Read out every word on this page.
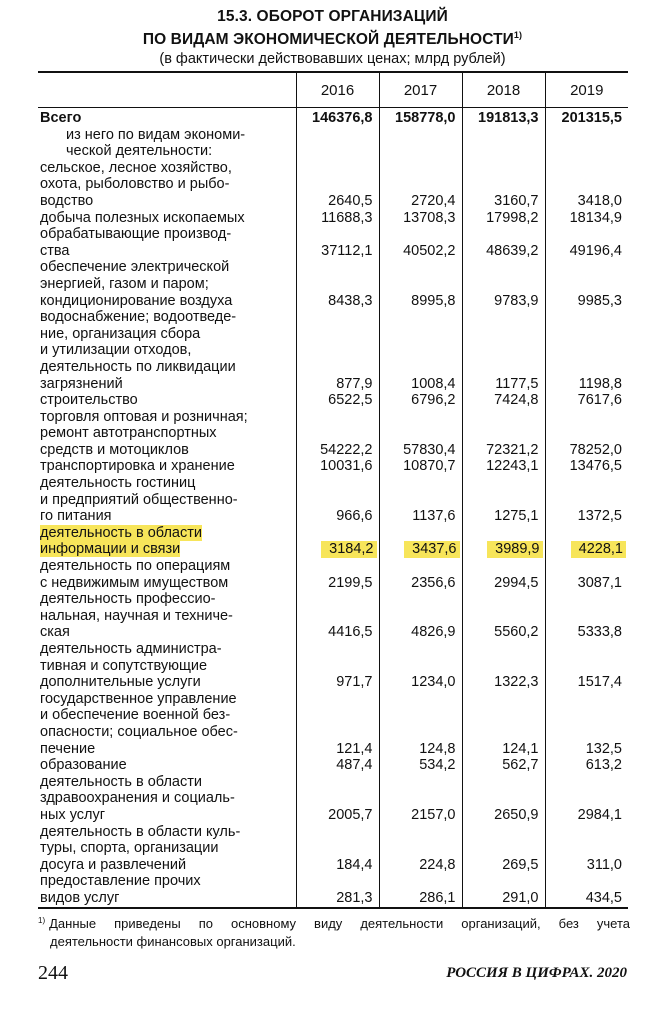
15.3. ОБОРОТ ОРГАНИЗАЦИЙ
ПО ВИДАМ ЭКОНОМИЧЕСКОЙ ДЕЯТЕЛЬНОСТИ$^{1)}$
(в фактически действовавших ценах; млрд рублей)
	2016	2017	2018	2019

Всего	146376,8	158778,0	191813,3	201315,5

из него по видам экономи-
ческой деятельности:				

сельское, лесное хозяйство,
охота, рыболовство и рыбо-
водство	2640,5	2720,4	3160,7	3418,0

добыча полезных ископаемых	11688,3	13708,3	17998,2	18134,9

обрабатывающие производ-
ства	37112,1	40502,2	48639,2	49196,4

обеспечение электрической
энергией, газом и паром;
кондиционирование воздуха	8438,3	8995,8	9783,9	9985,3

водоснабжение; водоотведе-
ние, организация сбора
и утилизации отходов,
деятельность по ликвидации
загрязнений	877,9	1008,4	1177,5	1198,8

строительство	6522,5	6796,2	7424,8	7617,6

торговля оптовая и розничная;
ремонт автотранспортных
средств и мотоциклов	54222,2	57830,4	72321,2	78252,0

транспортировка и хранение	10031,6	10870,7	12243,1	13476,5

деятельность гостиниц
и предприятий общественно-
го питания	966,6	1137,6	1275,1	1372,5

деятельность в области
информации и связи	3184,2	3437,6	3989,9	4228,1

деятельность по операциям
с недвижимым имуществом	2199,5	2356,6	2994,5	3087,1

деятельность профессио-
нальная, научная и техниче-
ская	4416,5	4826,9	5560,2	5333,8

деятельность администра-
тивная и сопутствующие
дополнительные услуги	971,7	1234,0	1322,3	1517,4

государственное управление
и обеспечение военной без-
опасности; социальное обес-
печение	121,4	124,8	124,1	132,5

образование	487,4	534,2	562,7	613,2

деятельность в области
здравоохранения и социаль-
ных услуг	2005,7	2157,0	2650,9	2984,1

деятельность в области куль-
туры, спорта, организации
досуга и развлечений	184,4	224,8	269,5	311,0

предоставление прочих
видов услуг	281,3	286,1	291,0	434,5
$^{1)}$ Данные приведены по основному виду деятельности организаций, без учета
деятельности финансовых организаций.
244	РОССИЯ В ЦИФРАХ. 2020
